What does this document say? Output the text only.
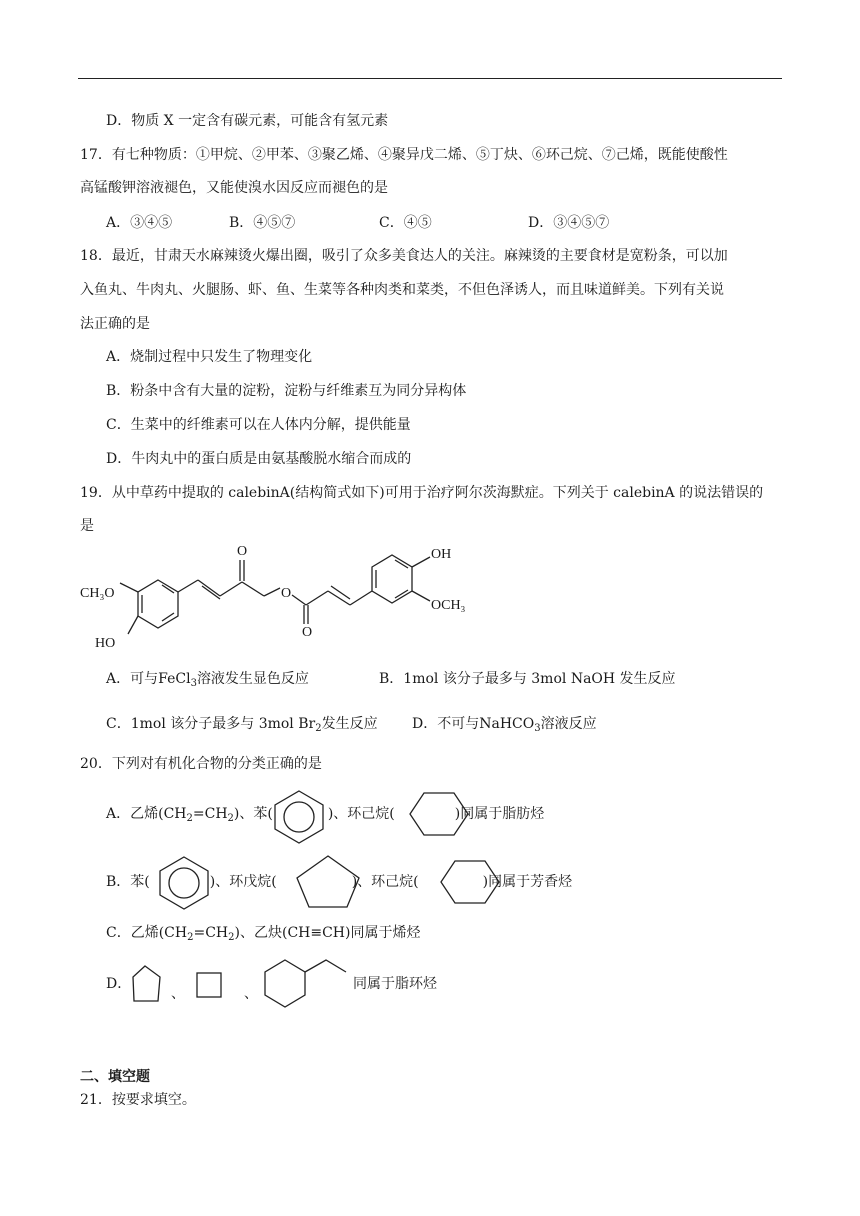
D．物质 X 一定含有碳元素，可能含有氢元素
17．有七种物质：①甲烷、②甲苯、③聚乙烯、④聚异戊二烯、⑤丁炔、⑥环己烷、⑦己烯，既能使酸性
高锰酸钾溶液褪色，又能使溴水因反应而褪色的是
A．③④⑤	B．④⑤⑦	C．④⑤	D．③④⑤⑦
18．最近，甘肃天水麻辣烫火爆出圈，吸引了众多美食达人的关注。麻辣烫的主要食材是宽粉条，可以加
入鱼丸、牛肉丸、火腿肠、虾、鱼、生菜等各种肉类和菜类，不但色泽诱人，而且味道鲜美。下列有关说
法正确的是
A．烧制过程中只发生了物理变化
B．粉条中含有大量的淀粉，淀粉与纤维素互为同分异构体
C．生菜中的纤维素可以在人体内分解，提供能量
D．牛肉丸中的蛋白质是由氨基酸脱水缩合而成的
19．从中草药中提取的 calebinA(结构简式如下)可用于治疗阿尔茨海默症。下列关于 calebinA 的说法错误的
是
CH₃O
HO
O
O
O
OH
OCH₃
A．可与FeCl$_3$溶液发生显色反应	B．1mol 该分子最多与 3mol NaOH 发生反应
C．1mol 该分子最多与 3mol $Br_2$发生反应 D．不可与NaHCO$_3$溶液反应
20．下列对有机化合物的分类正确的是
A．乙烯$(CH_2=CH_2)$、苯(	)、环己烷(	)同属于脂肪烃
B．苯(	)、环戊烷(	)、环己烷(	)同属于芳香烃
C．乙烯$(CH_2=CH_2)$、乙炔(CH≡CH)同属于烯烃
D．
、	、
同属于脂环烃
二、填空题
21．按要求填空。
